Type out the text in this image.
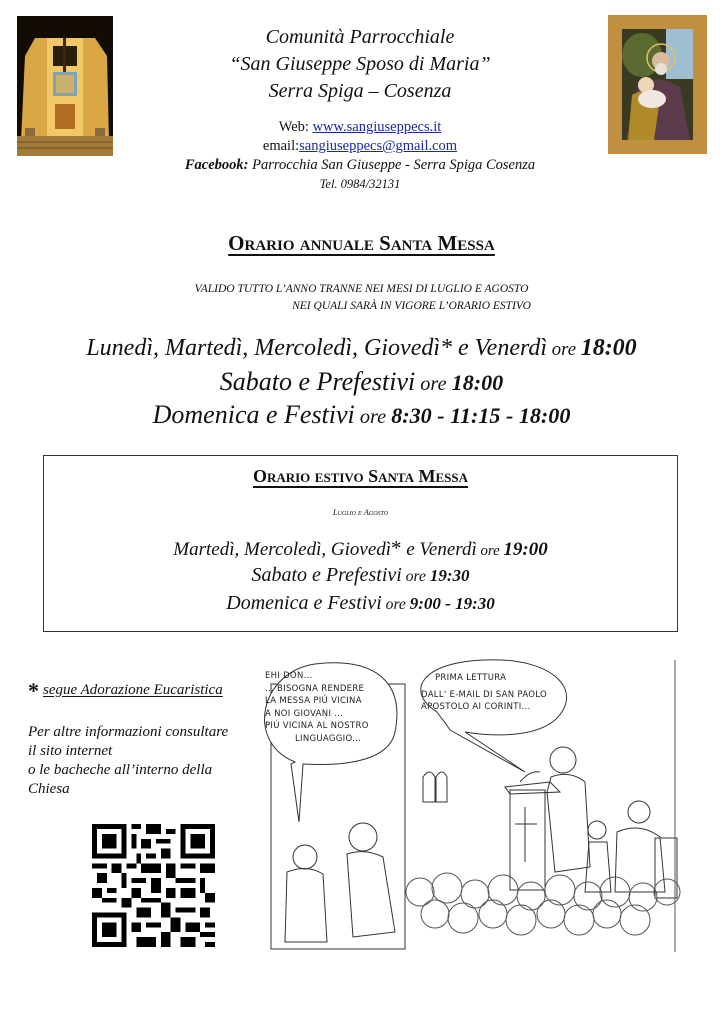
Comunità Parrocchiale
“San Giuseppe Sposo di Maria”
Serra Spiga – Cosenza
Web: www.sangiuseppecs.it
email:sangiuseppecs@gmail.com
Facebook: Parrocchia San Giuseppe - Serra Spiga Cosenza
Tel. 0984/32131
Orario annuale Santa Messa
VALIDO TUTTO L’ANNO TRANNE NEI MESI DI LUGLIO E AGOSTO
NEI QUALI SARÀ IN VIGORE L’ORARIO ESTIVO
Lunedì, Martedì, Mercoledì, Giovedì* e Venerdì ore 18:00
Sabato e Prefestivi ore 18:00
Domenica e Festivi ore 8:30 - 11:15 - 18:00
Orario estivo Santa Messa
Luglio e Agosto
Martedì, Mercoledì, Giovedì* e Venerdì ore 19:00
Sabato e Prefestivi ore 19:30
Domenica e Festivi ore 9:00 - 19:30
* segue Adorazione Eucaristica
Per altre informazioni consultare
il sito internet
o le bacheche all’interno della
Chiesa
EHI DON...
... BISOGNA RENDERE
LA MESSA PIÚ VICINA
A NOI GIOVANI ...
PIÚ VICINA AL NOSTRO
LINGUAGGIO...
PRIMA LETTURA
DALL' E-MAIL DI SAN PAOLO
APOSTOLO AI CORINTI...
